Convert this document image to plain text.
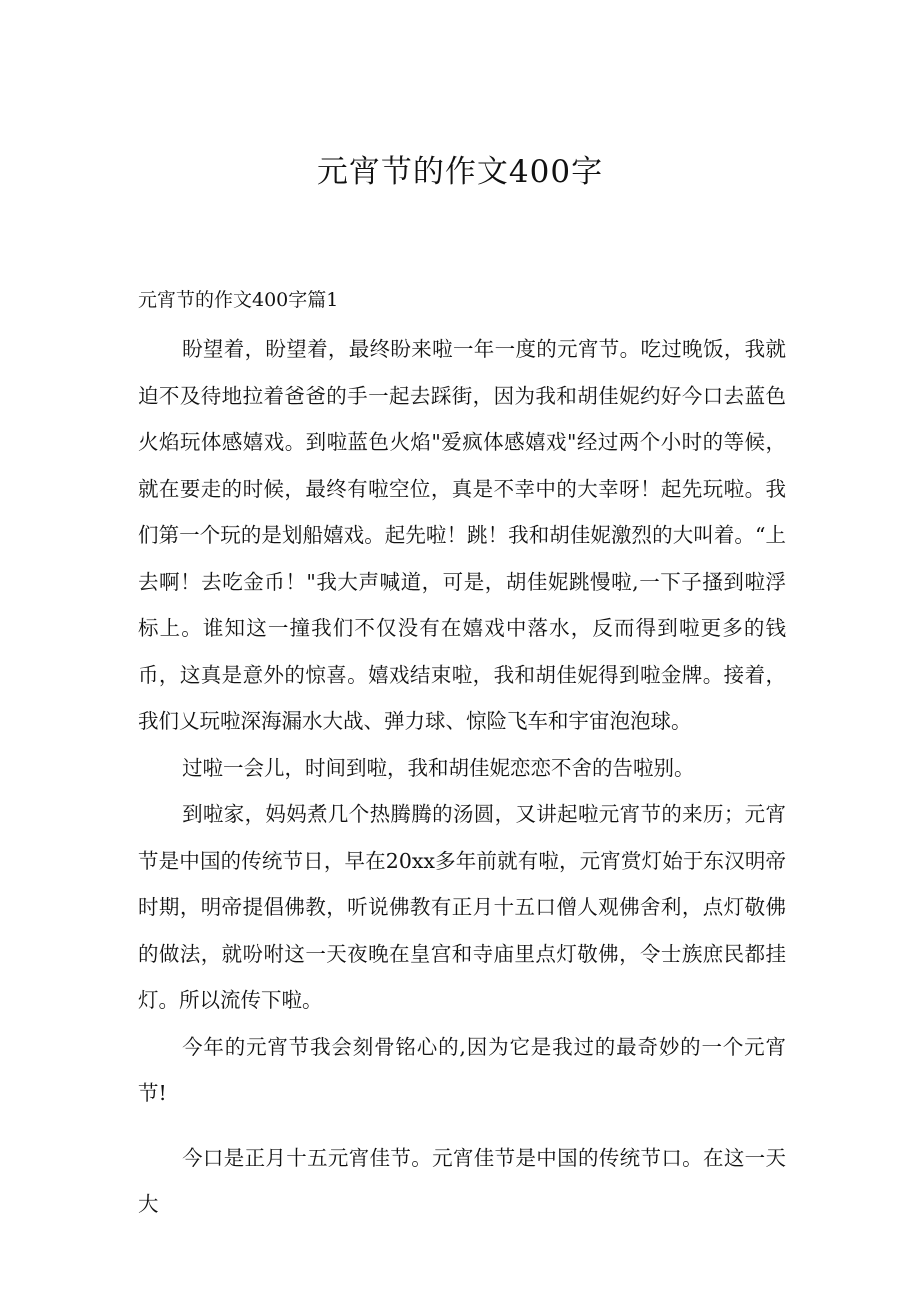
元宵节的作文400字
元宵节的作文400字篇1

盼望着，盼望着，最终盼来啦一年一度的元宵节。吃过晚饭，我就迫不及待地拉着爸爸的手一起去踩街，因为我和胡佳妮约好今口去蓝色火焰玩体感嬉戏。到啦蓝色火焰"爱疯体感嬉戏"经过两个小时的等候，就在要走的时候，最终有啦空位，真是不幸中的大幸呀！起先玩啦。我们第一个玩的是划船嬉戏。起先啦！跳！我和胡佳妮激烈的大叫着。“上去啊！去吃金币！"我大声喊道，可是，胡佳妮跳慢啦,一下子搔到啦浮标上。谁知这一撞我们不仅没有在嬉戏中落水，反而得到啦更多的钱币，这真是意外的惊喜。嬉戏结束啦，我和胡佳妮得到啦金牌。接着，我们乂玩啦深海漏水大战、弹力球、惊险飞车和宇宙泡泡球。

过啦一会儿，时间到啦，我和胡佳妮恋恋不舍的告啦别。

到啦家，妈妈煮几个热腾腾的汤圆，又讲起啦元宵节的来历；元宵节是中国的传统节日，早在20xx多年前就有啦，元宵赏灯始于东汉明帝时期，明帝提倡佛教，听说佛教有正月十五口僧人观佛舍利，点灯敬佛的做法，就吩咐这一天夜晚在皇宫和寺庙里点灯敬佛，令士族庶民都挂灯。所以流传下啦。

今年的元宵节我会刻骨铭心的,因为它是我过的最奇妙的一个元宵节!

今口是正月十五元宵佳节。元宵佳节是中国的传统节口。在这一天大
